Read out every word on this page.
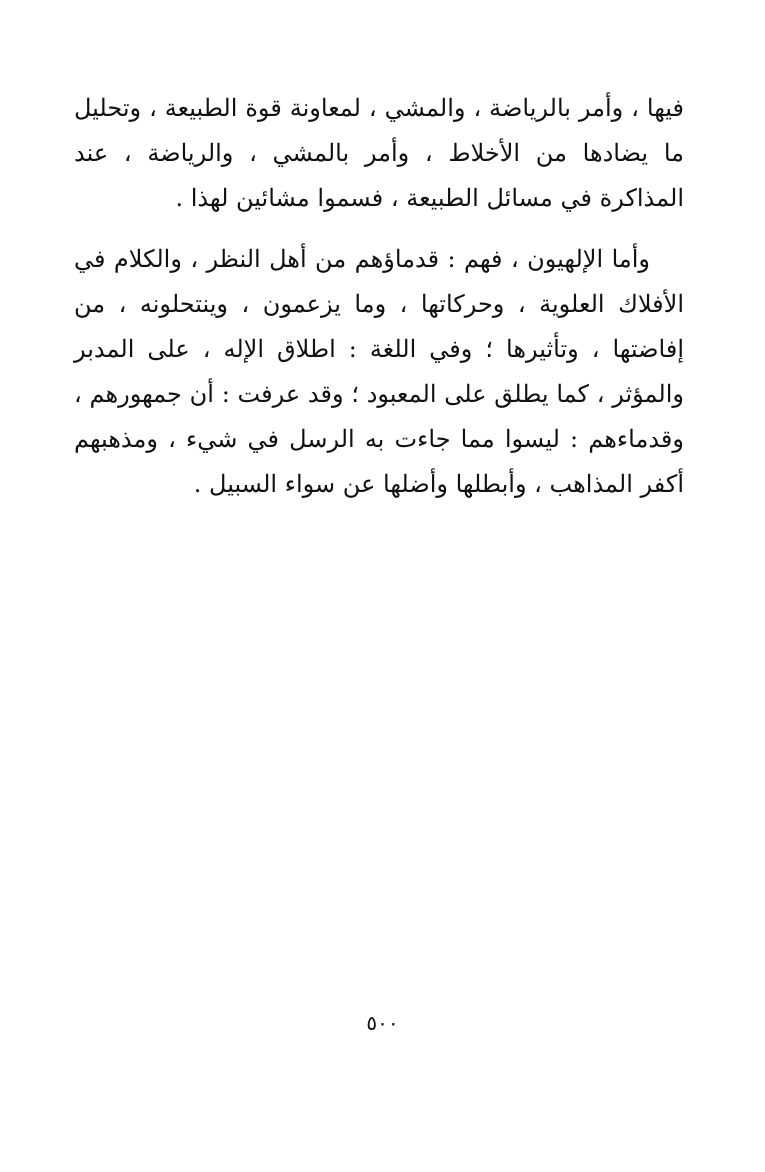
فيها ، وأمر بالرياضة ، والمشي ، لمعاونة قوة الطبيعة ، وتحليل ما يضادها من الأخلاط ، وأمر بالمشي ، والرياضة ، عند المذاكرة في مسائل الطبيعة ، فسموا مشائين لهذا .

وأما الإلهيون ، فهم : قدماؤهم من أهل النظر ، والكلام في الأفلاك العلوية ، وحركاتها ، وما يزعمون ، وينتحلونه ، من إفاضتها ، وتأثيرها ؛ وفي اللغة : اطلاق الإله ، على المدبر والمؤثر ، كما يطلق على المعبود ؛ وقد عرفت : أن جمهورهم ، وقدماءهم : ليسوا مما جاءت به الرسل في شيء ، ومذهبهم أكفر المذاهب ، وأبطلها وأضلها عن سواء السبيل .

٥٠٠
